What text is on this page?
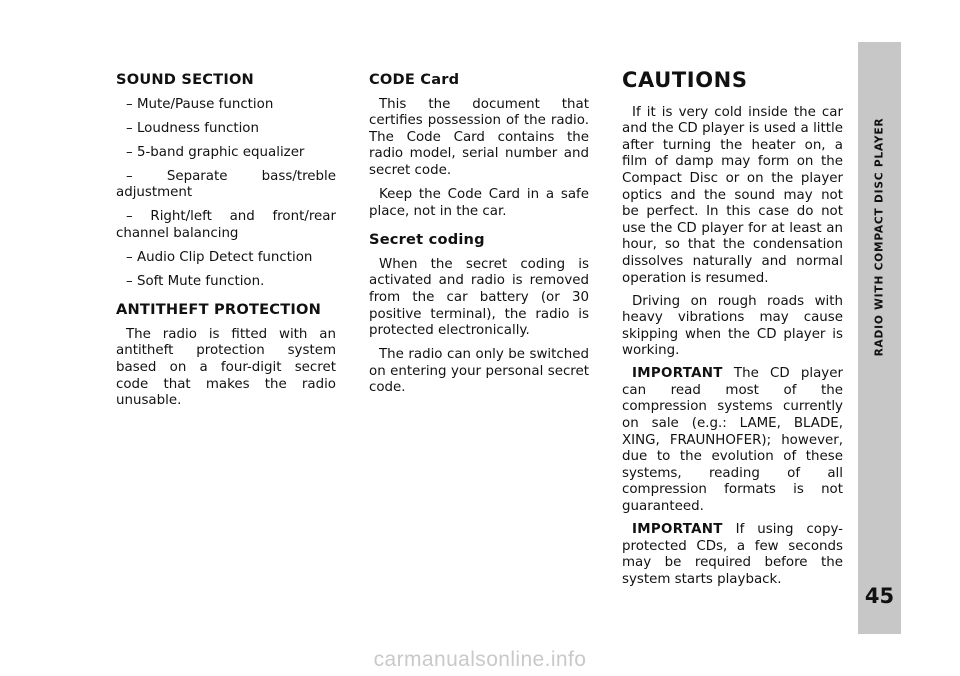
SOUND SECTION

– Mute/Pause function

– Loudness function

– 5-band graphic equalizer

– Separate bass/treble adjustment

– Right/left and front/rear channel balancing

– Audio Clip Detect function

– Soft Mute function.

ANTITHEFT PROTECTION

The radio is fitted with an antitheft protection system based on a four-digit secret code that makes the radio unusable.

CODE Card

This the document that certifies possession of the radio. The Code Card contains the radio model, serial number and secret code.

Keep the Code Card in a safe place, not in the car.

Secret coding

When the secret coding is activated and radio is removed from the car battery (or 30 positive terminal), the radio is protected electronically.

The radio can only be switched on entering your personal secret code.

CAUTIONS

If it is very cold inside the car and the CD player is used a little after turning the heater on, a film of damp may form on the Compact Disc or on the player optics and the sound may not be perfect. In this case do not use the CD player for at least an hour, so that the condensation dissolves naturally and normal operation is resumed.

Driving on rough roads with heavy vibrations may cause skipping when the CD player is working.

IMPORTANT The CD player can read most of the compression systems currently on sale (e.g.: LAME, BLADE, XING, FRAUNHOFER); however, due to the evolution of these systems, reading of all compression formats is not guaranteed.

IMPORTANT If using copy-protected CDs, a few seconds may be required before the system starts playback.

RADIO WITH COMPACT DISC PLAYER
45
carmanualsonline.info
